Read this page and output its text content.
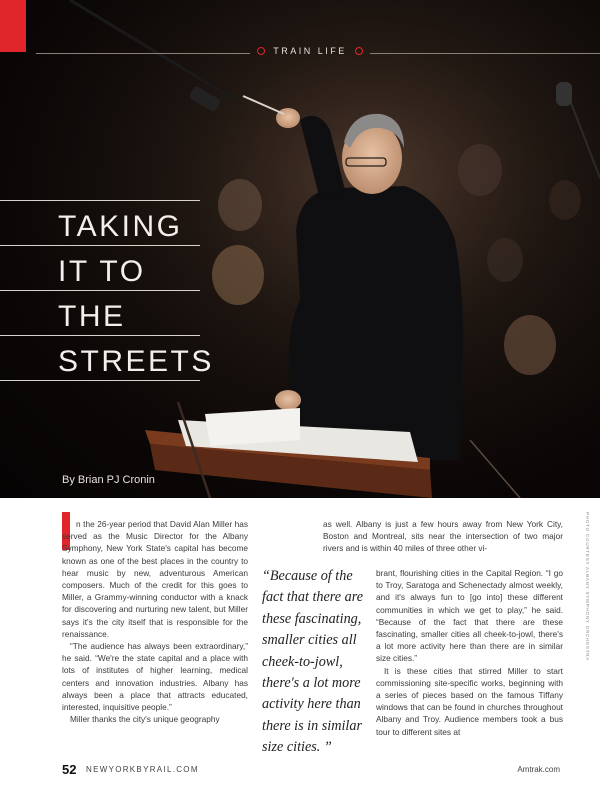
TRAIN LIFE
TAKING
IT TO
THE
STREETS
By Brian PJ Cronin
PHOTO COURTESY ALBANY SYMPHONY ORCHESTRA

n the 26-year period that David Alan Miller has served as the Music Director for the Albany Symphony, New York State's capital has become known as one of the best places in the country to hear music by new, adventurous American composers. Much of the credit for this goes to Miller, a Grammy-winning conductor with a knack for discovering and nurturing new talent, but Miller says it's the city itself that is responsible for the renaissance.

“The audience has always been extraordinary,” he said. “We're the state capital and a place with lots of institutes of higher learning, medical centers and innovation industries. Albany has always been a place that attracts educated, interested, inquisitive people.”

Miller thanks the city's unique geography

as well. Albany is just a few hours away from New York City, Boston and Montreal, sits near the intersection of two major rivers and is within 40 miles of three other vi-

“Because of the fact that there are these fascinating, smaller cities all cheek-to-jowl, there's a lot more activity here than there is in similar size cities. ”

brant, flourishing cities in the Capital Region. “I go to Troy, Saratoga and Schenectady almost weekly, and it's always fun to [go into] these different communities in which we get to play,” he said. “Because of the fact that there are these fascinating, smaller cities all cheek-to-jowl, there's a lot more activity here than there are in similar size cities.”

It is these cities that stirred Miller to start commissioning site-specific works, beginning with a series of pieces based on the famous Tiffany windows that can be found in churches throughout Albany and Troy. Audience members took a bus tour to different sites at

52 NEWYORKBYRAIL.COM	Amtrak.com
